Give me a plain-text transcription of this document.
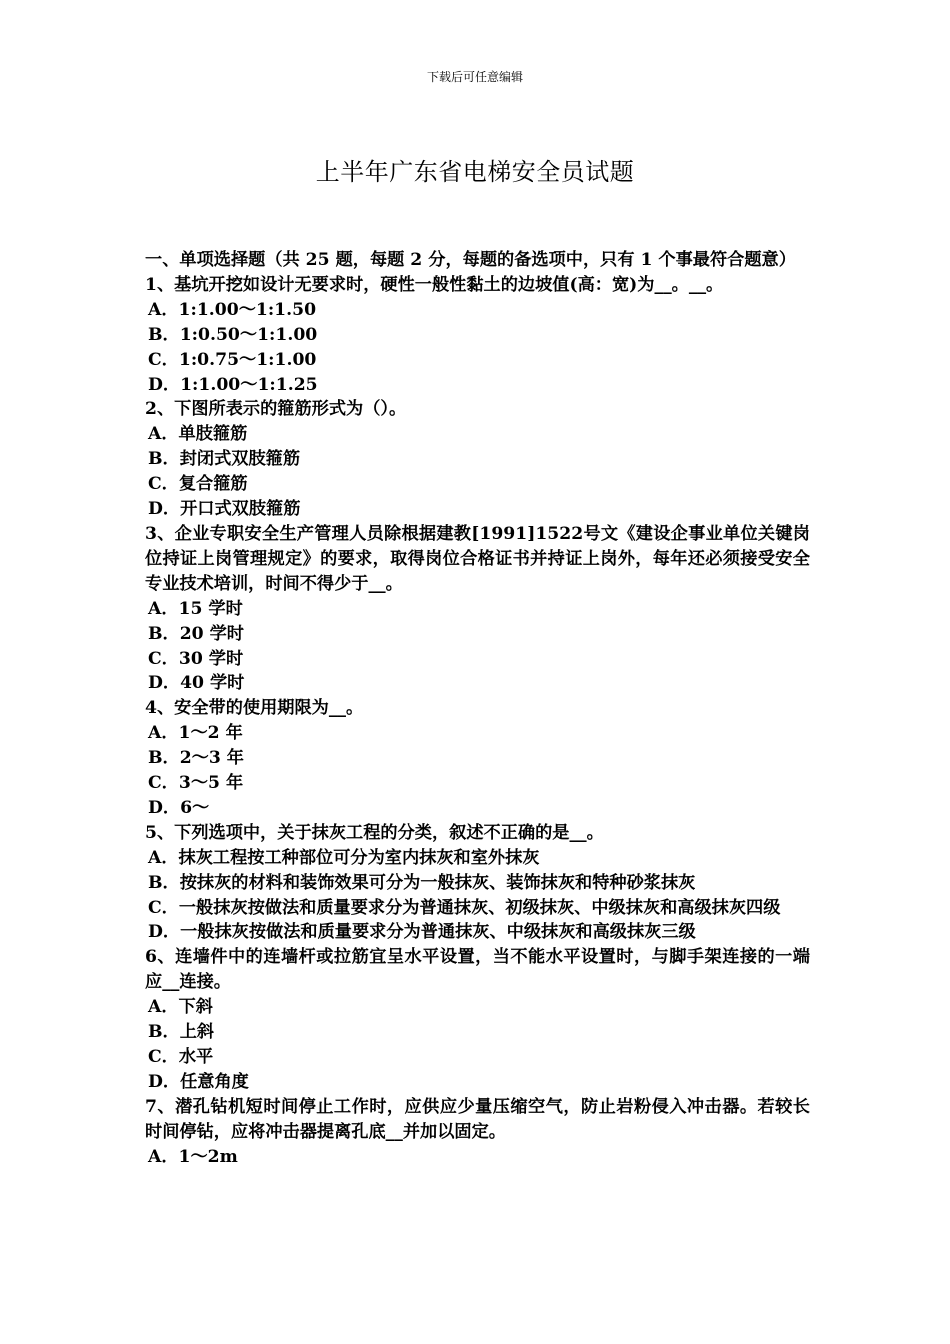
下载后可任意编辑
上半年广东省电梯安全员试题
一、单项选择题（共 25 题，每题 2 分，每题的备选项中，只有 1 个事最符合题意）
1、基坑开挖如设计无要求时，硬性一般性黏土的边坡值(高：宽)为__。__。
A．1:1.00～1:1.50
B．1:0.50～1:1.00
C．1:0.75～1:1.00
D．1:1.00～1:1.25
2、下图所表示的箍筋形式为（）。
A．单肢箍筋
B．封闭式双肢箍筋
C．复合箍筋
D．开口式双肢箍筋
3、企业专职安全生产管理人员除根据建教[1991]1522号文《建设企事业单位关键岗位持证上岗管理规定》的要求，取得岗位合格证书并持证上岗外，每年还必须接受安全专业技术培训，时间不得少于__。
A．15 学时
B．20 学时
C．30 学时
D．40 学时
4、安全带的使用期限为__。
A．1～2 年
B．2～3 年
C．3～5 年
D．6～
5、下列选项中，关于抹灰工程的分类，叙述不正确的是__。
A．抹灰工程按工种部位可分为室内抹灰和室外抹灰
B．按抹灰的材料和装饰效果可分为一般抹灰、装饰抹灰和特种砂浆抹灰
C．一般抹灰按做法和质量要求分为普通抹灰、初级抹灰、中级抹灰和高级抹灰四级
D．一般抹灰按做法和质量要求分为普通抹灰、中级抹灰和高级抹灰三级
6、连墙件中的连墙杆或拉筋宜呈水平设置，当不能水平设置时，与脚手架连接的一端应__连接。
A．下斜
B．上斜
C．水平
D．任意角度
7、潜孔钻机短时间停止工作时，应供应少量压缩空气，防止岩粉侵入冲击器。若较长时间停钻，应将冲击器提离孔底__并加以固定。
A．1～2m
